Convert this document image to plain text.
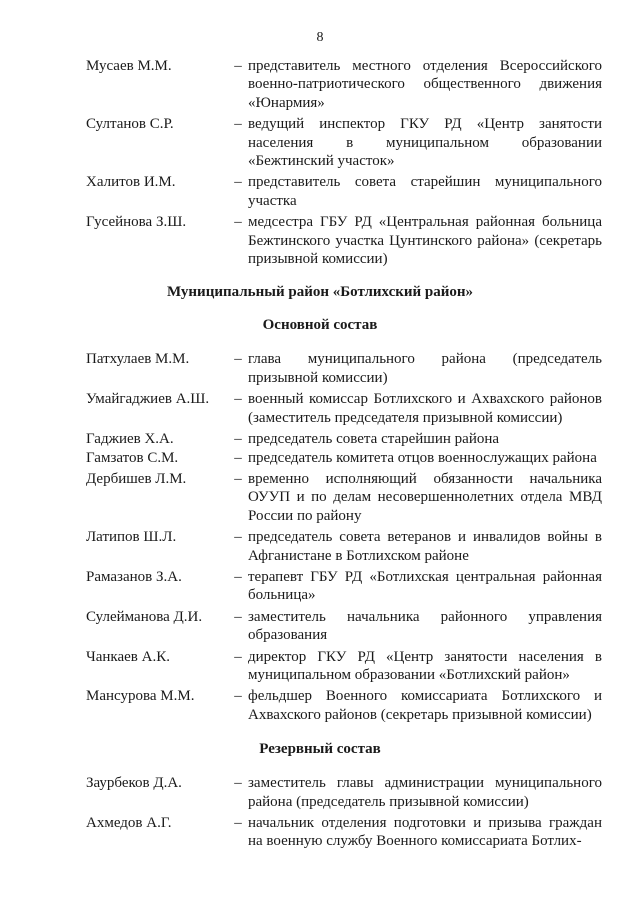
8
Мусаев М.М.	– представитель местного отделения Всероссийского военно-патриотического общественного движения «Юнармия»
Султанов С.Р.	– ведущий инспектор ГКУ РД «Центр занятости населения в муниципальном образовании «Бежтинский участок»
Халитов И.М.	– представитель совета старейшин муниципального участка
Гусейнова З.Ш.	– медсестра ГБУ РД «Центральная районная больница Бежтинского участка Цунтинского района» (секретарь призывной комиссии)
Муниципальный район «Ботлихский район»
Основной состав
Патхулаев М.М.	– глава муниципального района (председатель призывной комиссии)
Умайгаджиев А.Ш.	– военный комиссар Ботлихского и Ахвахского районов (заместитель председателя призывной комиссии)
Гаджиев Х.А.	– председатель совета старейшин района
Гамзатов С.М.	– председатель комитета отцов военнослужащих района
Дербишев Л.М.	– временно исполняющий обязанности начальника ОУУП и по делам несовершеннолетних отдела МВД России по району
Латипов Ш.Л.	– председатель совета ветеранов и инвалидов войны в Афганистане в Ботлихском районе
Рамазанов З.А.	– терапевт ГБУ РД «Ботлихская центральная районная больница»
Сулейманова Д.И.	– заместитель начальника районного управления образования
Чанкаев А.К.	– директор ГКУ РД «Центр занятости населения в муниципальном образовании «Ботлихский район»
Мансурова М.М.	– фельдшер Военного комиссариата Ботлихского и Ахвахского районов (секретарь призывной комиссии)
Резервный состав
Заурбеков Д.А.	– заместитель главы администрации муниципального района (председатель призывной комиссии)
Ахмедов А.Г.	– начальник отделения подготовки и призыва граждан на военную службу Военного комиссариата Ботлих-
